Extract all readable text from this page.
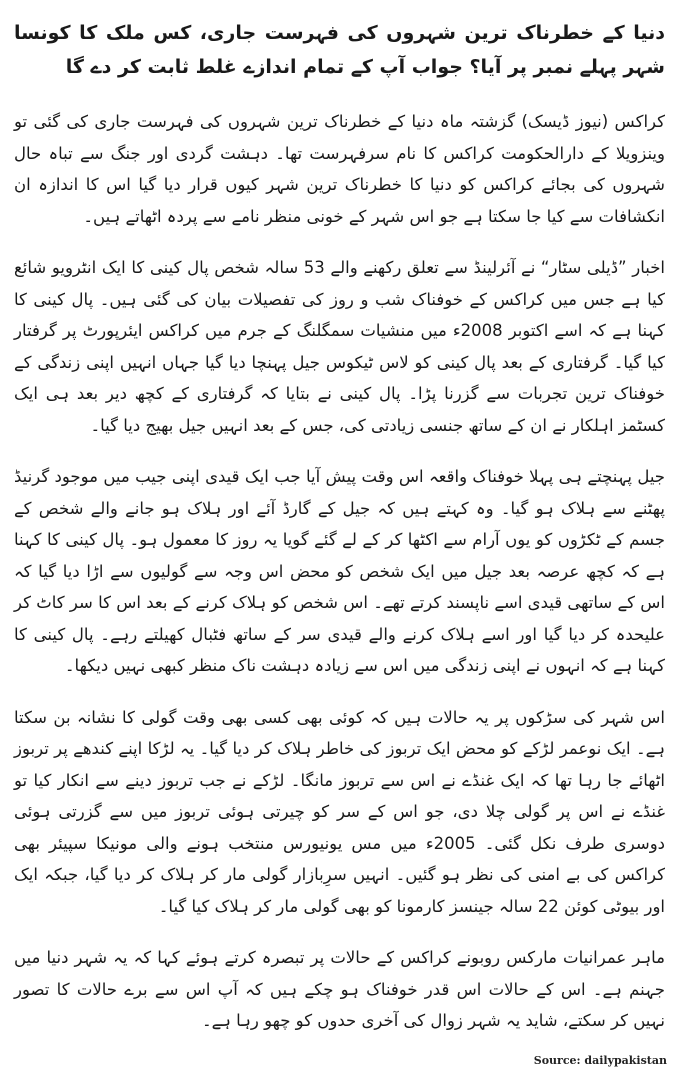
دنیا کے خطرناک ترین شہروں کی فہرست جاری، کس ملک کا کونسا شہر پہلے نمبر پر آیا؟ جواب آپ کے تمام اندازے غلط ثابت کر دے گا

کراکس (نیوز ڈیسک) گزشتہ ماہ دنیا کے خطرناک ترین شہروں کی فہرست جاری کی گئی تو وینزویلا کے دارالحکومت کراکس کا نام سرفہرست تھا۔ دہشت گردی اور جنگ سے تباہ حال شہروں کی بجائے کراکس کو دنیا کا خطرناک ترین شہر کیوں قرار دیا گیا اس کا اندازہ ان انکشافات سے کیا جا سکتا ہے جو اس شہر کے خونی منظر نامے سے پردہ اٹھاتے ہیں۔

اخبار ”ڈیلی سٹار“ نے آئرلینڈ سے تعلق رکھنے والے 53 سالہ شخص پال کینی کا ایک انٹرویو شائع کیا ہے جس میں کراکس کے خوفناک شب و روز کی تفصیلات بیان کی گئی ہیں۔ پال کینی کا کہنا ہے کہ اسے اکتوبر 2008ء میں منشیات سمگلنگ کے جرم میں کراکس ایئرپورٹ پر گرفتار کیا گیا۔ گرفتاری کے بعد پال کینی کو لاس ٹیکوس جیل پہنچا دیا گیا جہاں انہیں اپنی زندگی کے خوفناک ترین تجربات سے گزرنا پڑا۔ پال کینی نے بتایا کہ گرفتاری کے کچھ دیر بعد ہی ایک کسٹمز اہلکار نے ان کے ساتھ جنسی زیادتی کی، جس کے بعد انہیں جیل بھیج دیا گیا۔

جیل پہنچتے ہی پہلا خوفناک واقعہ اس وقت پیش آیا جب ایک قیدی اپنی جیب میں موجود گرنیڈ پھٹنے سے ہلاک ہو گیا۔ وہ کہتے ہیں کہ جیل کے گارڈ آئے اور ہلاک ہو جانے والے شخص کے جسم کے ٹکڑوں کو یوں آرام سے اکٹھا کر کے لے گئے گویا یہ روز کا معمول ہو۔ پال کینی کا کہنا ہے کہ کچھ عرصہ بعد جیل میں ایک شخص کو محض اس وجہ سے گولیوں سے اڑا دیا گیا کہ اس کے ساتھی قیدی اسے ناپسند کرتے تھے۔ اس شخص کو ہلاک کرنے کے بعد اس کا سر کاٹ کر علیحدہ کر دیا گیا اور اسے ہلاک کرنے والے قیدی سر کے ساتھ فٹبال کھیلتے رہے۔ پال کینی کا کہنا ہے کہ انہوں نے اپنی زندگی میں اس سے زیادہ دہشت ناک منظر کبھی نہیں دیکھا۔

اس شہر کی سڑکوں پر یہ حالات ہیں کہ کوئی بھی کسی بھی وقت گولی کا نشانہ بن سکتا ہے۔ ایک نوعمر لڑکے کو محض ایک تربوز کی خاطر ہلاک کر دیا گیا۔ یہ لڑکا اپنے کندھے پر تربوز اٹھائے جا رہا تھا کہ ایک غنڈے نے اس سے تربوز مانگا۔ لڑکے نے جب تربوز دینے سے انکار کیا تو غنڈے نے اس پر گولی چلا دی، جو اس کے سر کو چیرتی ہوئی تربوز میں سے گزرتی ہوئی دوسری طرف نکل گئی۔ 2005ء میں مس یونیورس منتخب ہونے والی مونیکا سپیئر بھی کراکس کی بے امنی کی نظر ہو گئیں۔ انہیں سرِبازار گولی مار کر ہلاک کر دیا گیا، جبکہ ایک اور بیوٹی کوئن 22 سالہ جینسز کارمونا کو بھی گولی مار کر ہلاک کیا گیا۔

ماہر عمرانیات مارکس روبونے کراکس کے حالات پر تبصرہ کرتے ہوئے کہا کہ یہ شہر دنیا میں جہنم ہے۔ اس کے حالات اس قدر خوفناک ہو چکے ہیں کہ آپ اس سے برے حالات کا تصور نہیں کر سکتے، شاید یہ شہر زوال کی آخری حدوں کو چھو رہا ہے۔

Source: dailypakistan
